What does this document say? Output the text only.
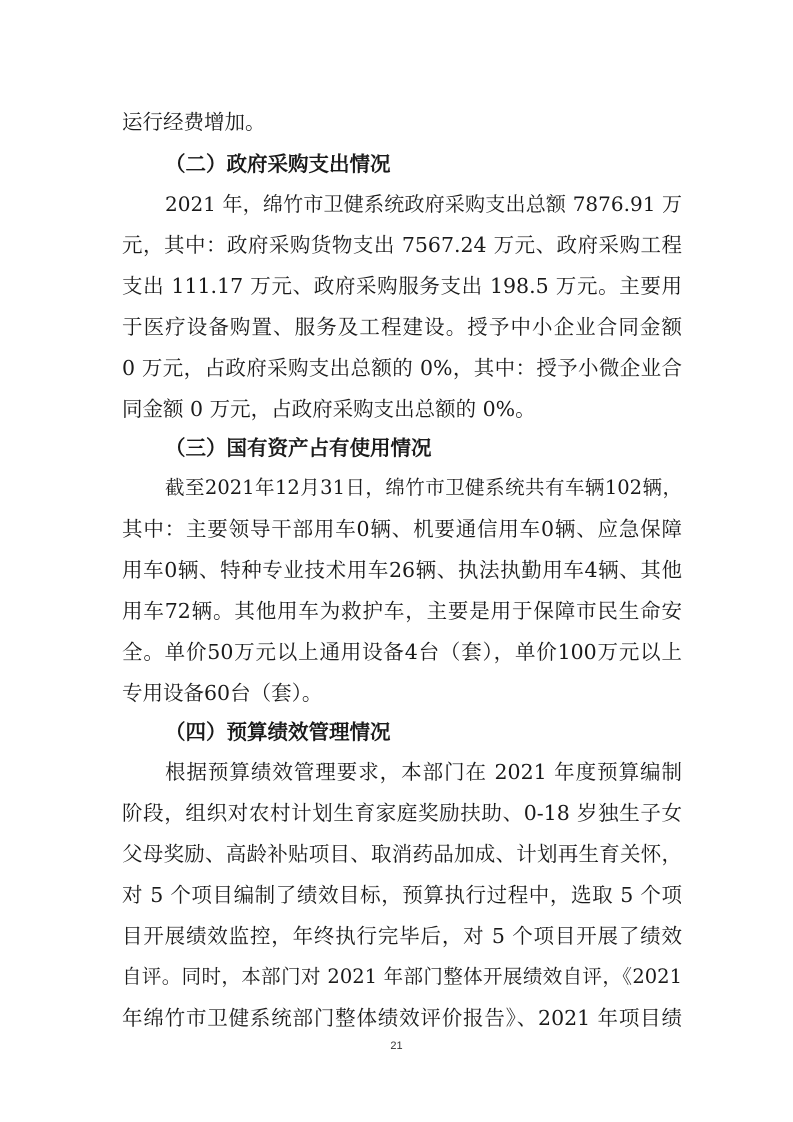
运行经费增加。
（二）政府采购支出情况
2021 年，绵竹市卫健系统政府采购支出总额 7876.91 万
元，其中：政府采购货物支出 7567.24 万元、政府采购工程
支出 111.17 万元、政府采购服务支出 198.5 万元。主要用
于医疗设备购置、服务及工程建设。授予中小企业合同金额
0 万元，占政府采购支出总额的 0%，其中：授予小微企业合
同金额 0 万元，占政府采购支出总额的 0%。
（三）国有资产占有使用情况
截至2021年12月31日，绵竹市卫健系统共有车辆102辆，
其中：主要领导干部用车0辆、机要通信用车0辆、应急保障
用车0辆、特种专业技术用车26辆、执法执勤用车4辆、其他
用车72辆。其他用车为救护车，主要是用于保障市民生命安
全。单价50万元以上通用设备4台（套），单价100万元以上
专用设备60台（套）。
（四）预算绩效管理情况
根据预算绩效管理要求，本部门在 2021 年度预算编制
阶段，组织对农村计划生育家庭奖励扶助、0-18 岁独生子女
父母奖励、高龄补贴项目、取消药品加成、计划再生育关怀，
对 5 个项目编制了绩效目标，预算执行过程中，选取 5 个项
目开展绩效监控，年终执行完毕后，对 5 个项目开展了绩效
自评。同时，本部门对 2021 年部门整体开展绩效自评，《2021
年绵竹市卫健系统部门整体绩效评价报告》、2021 年项目绩
21
